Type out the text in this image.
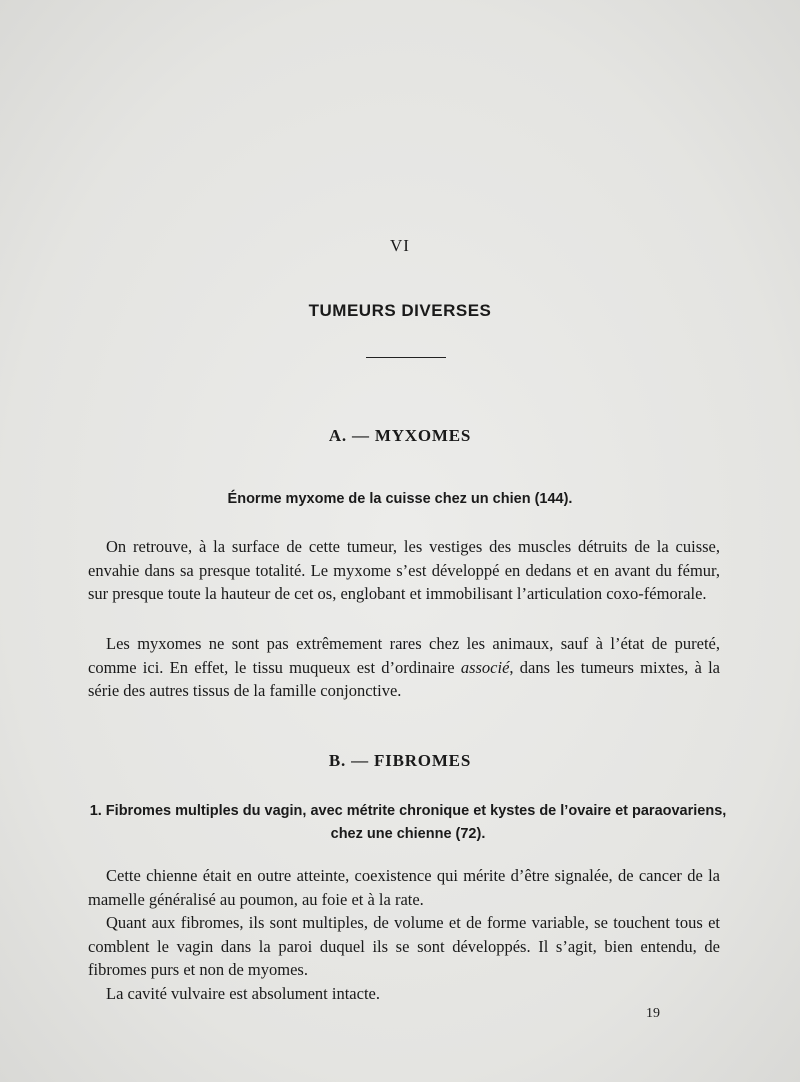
VI
TUMEURS DIVERSES
A. — MYXOMES
Énorme myxome de la cuisse chez un chien (144).

On retrouve, à la surface de cette tumeur, les vestiges des muscles détruits de la cuisse, envahie dans sa presque totalité. Le myxome s’est développé en dedans et en avant du fémur, sur presque toute la hauteur de cet os, englobant et immobilisant l’articulation coxo-fémorale.

Les myxomes ne sont pas extrêmement rares chez les animaux, sauf à l’état de pureté, comme ici. En effet, le tissu muqueux est d’ordinaire associé, dans les tumeurs mixtes, à la série des autres tissus de la famille conjonctive.

B. — FIBROMES
1. Fibromes multiples du vagin, avec métrite chronique et kystes de l’ovaire et paraovariens, chez une chienne (72).

Cette chienne était en outre atteinte, coexistence qui mérite d’être signalée, de cancer de la mamelle généralisé au poumon, au foie et à la rate.

Quant aux fibromes, ils sont multiples, de volume et de forme variable, se touchent tous et comblent le vagin dans la paroi duquel ils se sont développés. Il s’agit, bien entendu, de fibromes purs et non de myomes.

La cavité vulvaire est absolument intacte.

19
